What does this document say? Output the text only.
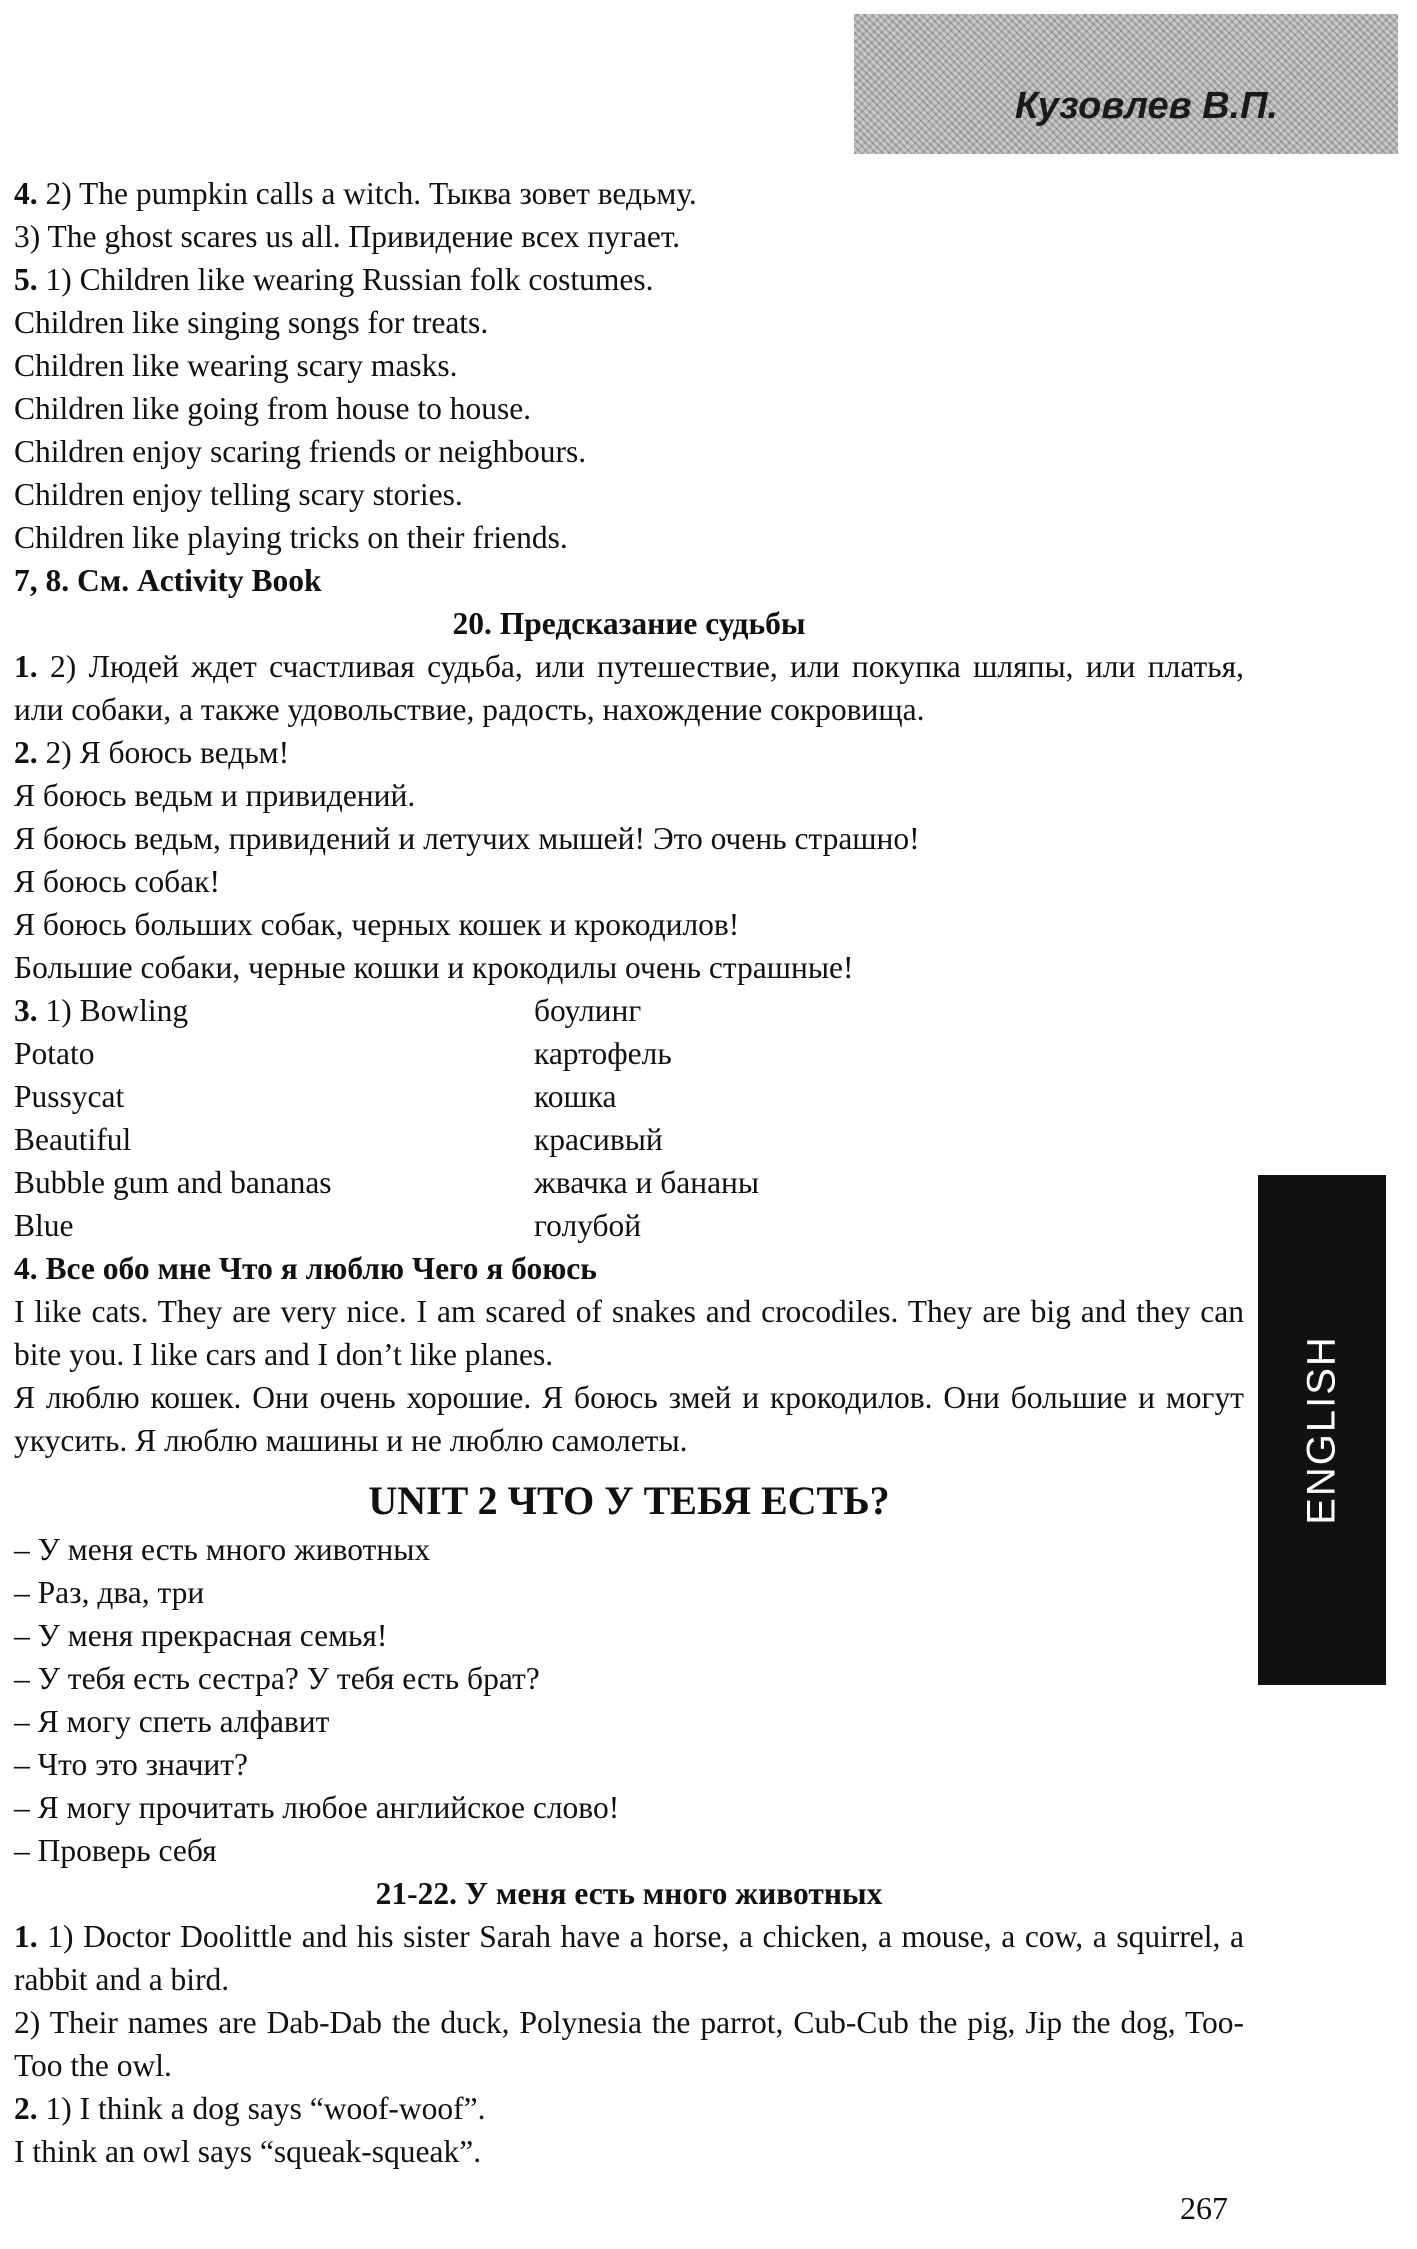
Кузовлев В.П.
ENGLISH
4. 2) The pumpkin calls a witch. Тыква зовет ведьму.
3) The ghost scares us all. Привидение всех пугает.
5. 1) Children like wearing Russian folk costumes.
Children like singing songs for treats.
Children like wearing scary masks.
Children like going from house to house.
Children enjoy scaring friends or neighbours.
Children enjoy telling scary stories.
Children like playing tricks on their friends.
7, 8. См. Activity Book
20. Предсказание судьбы
1. 2) Людей ждет счастливая судьба, или путешествие, или покупка шляпы, или платья, или собаки, а также удовольствие, радость, нахождение сокровища.
2. 2) Я боюсь ведьм!
Я боюсь ведьм и привидений.
Я боюсь ведьм, привидений и летучих мышей! Это очень страшно!
Я боюсь собак!
Я боюсь больших собак, черных кошек и крокодилов!
Большие собаки, черные кошки и крокодилы очень страшные!
3. 1) Bowling	боулинг
Potato	картофель
Pussycat	кошка
Beautiful	красивый
Bubble gum and bananas	жвачка и бананы
Blue	голубой
4. Все обо мне Что я люблю Чего я боюсь
I like cats. They are very nice. I am scared of snakes and crocodiles. They are big and they can bite you. I like cars and I don’t like planes.
Я люблю кошек. Они очень хорошие. Я боюсь змей и крокодилов. Они большие и могут укусить. Я люблю машины и не люблю самолеты.
UNIT 2 ЧТО У ТЕБЯ ЕСТЬ?
– У меня есть много животных
– Раз, два, три
– У меня прекрасная семья!
– У тебя есть сестра? У тебя есть брат?
– Я могу спеть алфавит
– Что это значит?
– Я могу прочитать любое английское слово!
– Проверь себя
21-22. У меня есть много животных
1. 1) Doctor Doolittle and his sister Sarah have a horse, a chicken, a mouse, a cow, a squirrel, a rabbit and a bird.
2) Their names are Dab-Dab the duck, Polynesia the parrot, Cub-Cub the pig, Jip the dog, Too-Too the owl.
2. 1) I think a dog says “woof-woof”.
I think an owl says “squeak-squeak”.
267
